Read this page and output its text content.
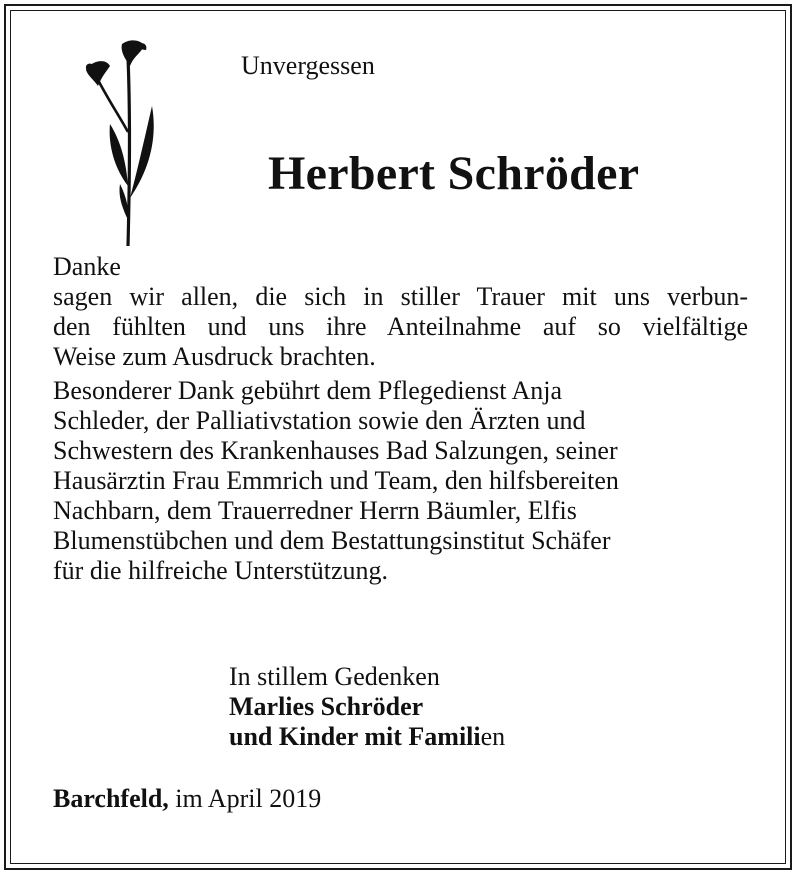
Unvergessen
Herbert Schröder
Danke
sagen wir allen, die sich in stiller Trauer mit uns verbun-
den fühlten und uns ihre Anteilnahme auf so vielfältige
Weise zum Ausdruck brachten.
Besonderer Dank gebührt dem Pflegedienst Anja
Schleder, der Palliativstation sowie den Ärzten und
Schwestern des Krankenhauses Bad Salzungen, seiner
Hausärztin Frau Emmrich und Team, den hilfsbereiten
Nachbarn, dem Trauerredner Herrn Bäumler, Elfis
Blumenstübchen und dem Bestattungsinstitut Schäfer
für die hilfreiche Unterstützung.
In stillem Gedenken
Marlies Schröder
und Kinder mit Familien
Barchfeld, im April 2019
